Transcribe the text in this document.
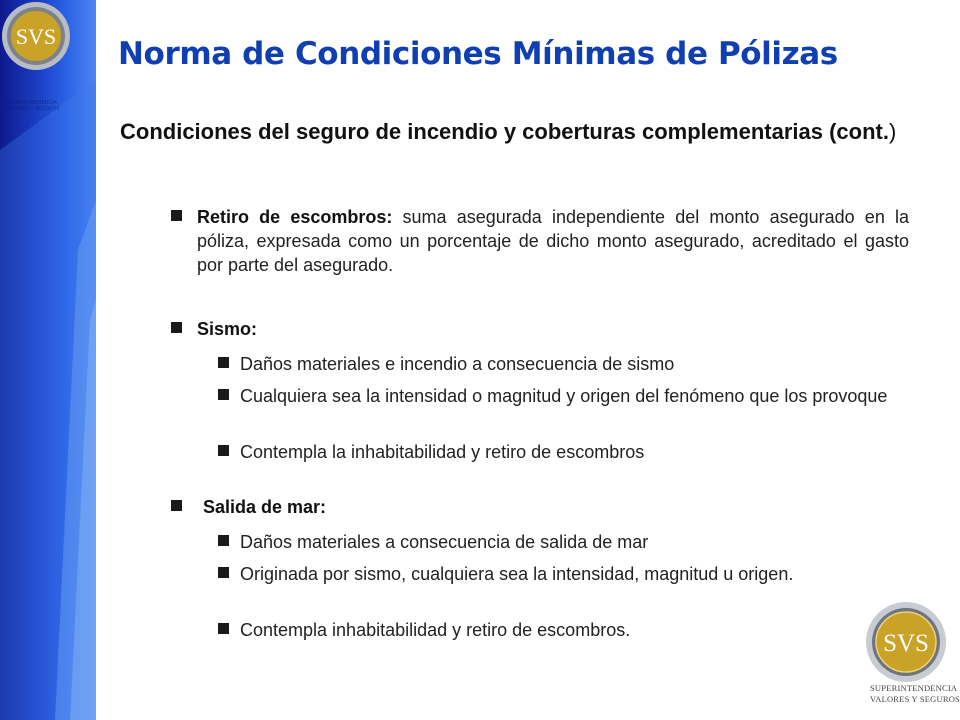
SVS
SUPERINTENDENCIA
VALORES Y SEGUROS
Norma de Condiciones Mínimas de Pólizas

Condiciones del seguro de incendio y coberturas complementarias (cont.)

Retiro de escombros: suma asegurada independiente del monto asegurado en la póliza, expresada como un porcentaje de dicho monto asegurado, acreditado el gasto por parte del asegurado.
Sismo:
Daños materiales e incendio a consecuencia de sismo
Cualquiera sea la intensidad o magnitud y origen del fenómeno que los provoque
Contempla la inhabitabilidad y retiro de escombros
Salida de mar:
Daños materiales a consecuencia de salida de mar
Originada por sismo, cualquiera sea la intensidad, magnitud u origen.
Contempla inhabitabilidad y retiro de escombros.	SVS
SUPERINTENDENCIA
VALORES Y SEGUROS
